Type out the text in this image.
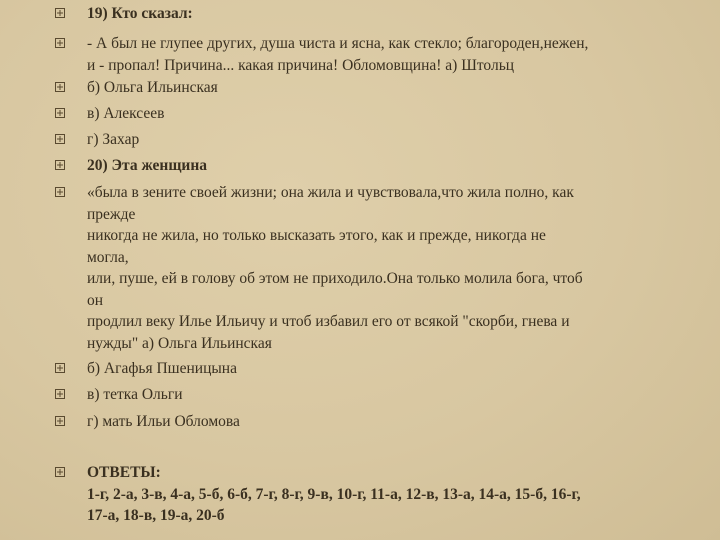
19) Кто сказал:
- А был не глупее других, душа чиста и ясна, как стекло; благороден,нежен,
и - пропал! Причина... какая причина! Обломовщина! а) Штольц
б) Ольга Ильинская
в) Алексеев
г) Захар
20) Эта женщина
«была в зените своей жизни; она жила и чувствовала,что жила полно, как
прежде
никогда не жила, но только высказать этого, как и прежде, никогда не
могла,
или, пуше, ей в голову об этом не приходило.Она только молила бога, чтоб
он
продлил веку Илье Ильичу и чтоб избавил его от всякой "скорби, гнева и
нужды" а) Ольга Ильинская
б) Агафья Пшеницына
в) тетка Ольги
г) мать Ильи Обломова
ОТВЕТЫ:
1-г, 2-а, 3-в, 4-а, 5-б, 6-б, 7-г, 8-г, 9-в, 10-г, 11-а, 12-в, 13-а, 14-а, 15-б, 16-г,
17-а, 18-в, 19-а, 20-б
